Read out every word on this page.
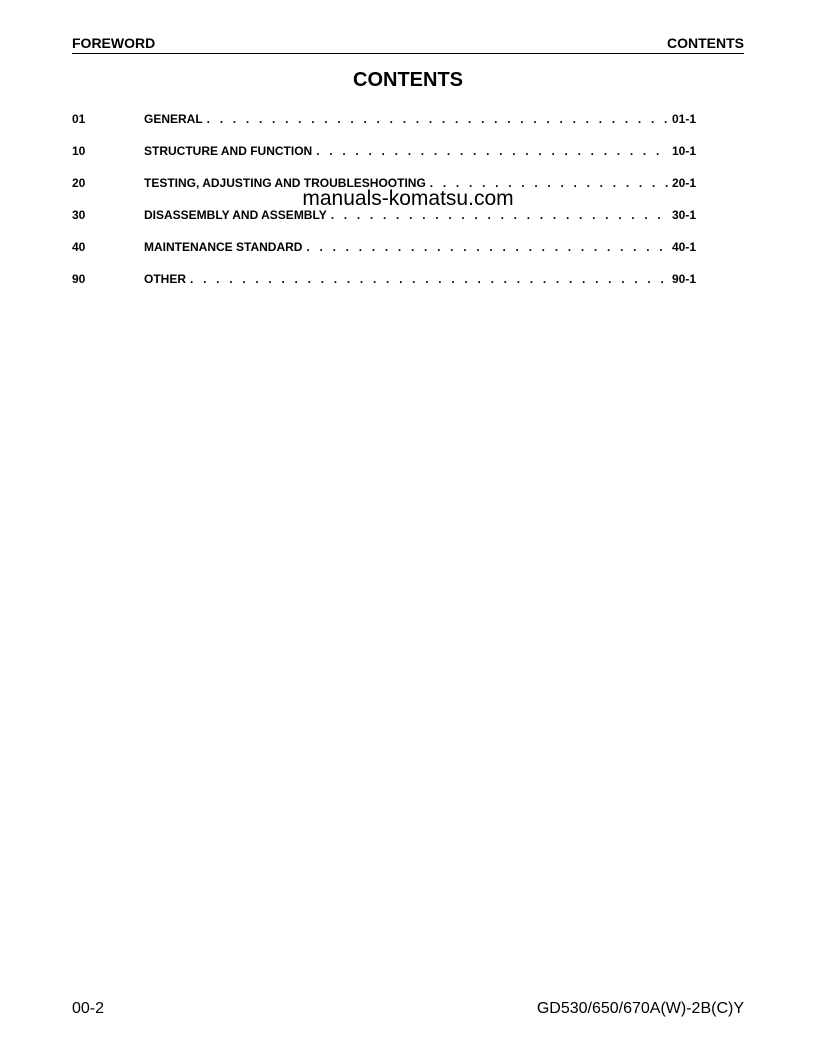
FOREWORD	CONTENTS
CONTENTS
01	GENERAL . . .	01-1
10	STRUCTURE AND FUNCTION . . .	10-1
20	TESTING, ADJUSTING AND TROUBLESHOOTING . . .	20-1
30	DISASSEMBLY AND ASSEMBLY . . .	30-1
40	MAINTENANCE STANDARD . . .	40-1
90	OTHER . . .	90-1
manuals-komatsu.com
00-2	GD530/650/670A(W)-2B(C)Y
